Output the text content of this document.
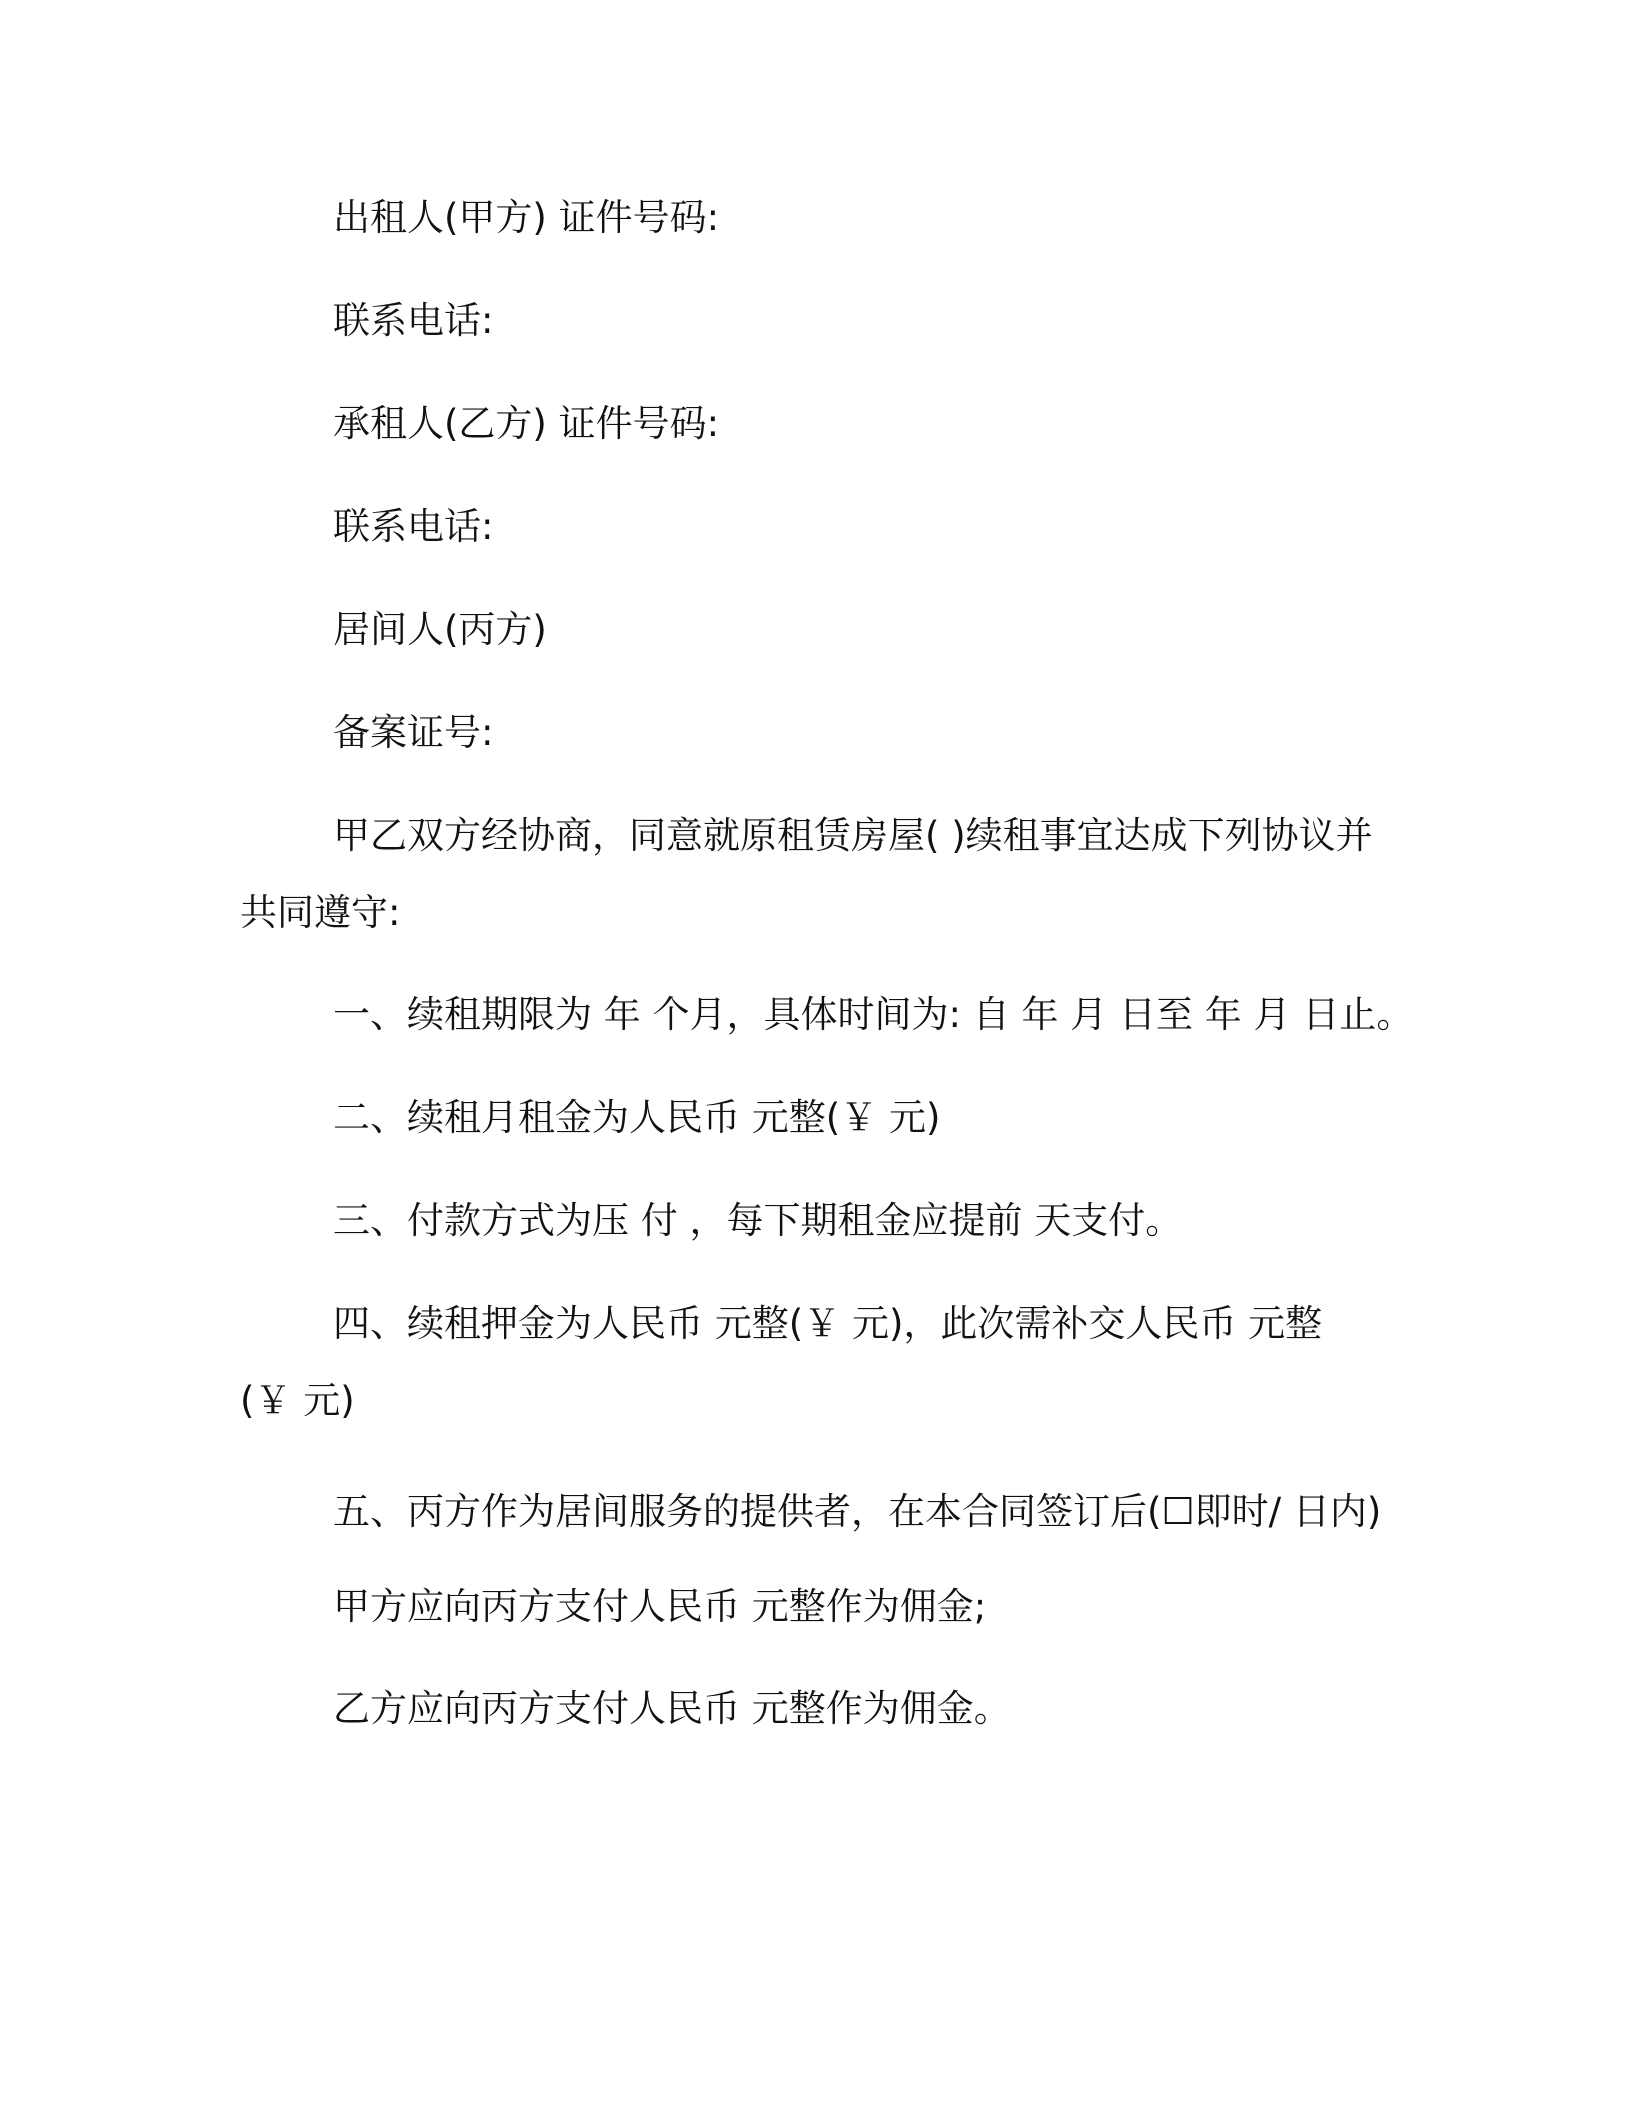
出租人(甲方) 证件号码:
联系电话:
承租人(乙方) 证件号码:
联系电话:
居间人(丙方)
备案证号:
甲乙双方经协商，同意就原租赁房屋( )续租事宜达成下列协议并
共同遵守:
一、续租期限为 年 个月，具体时间为: 自 年 月 日至 年 月 日止。
二、续租月租金为人民币 元整(￥ 元)
三、付款方式为压 付 ，每下期租金应提前 天支付。
四、续租押金为人民币 元整(￥ 元)，此次需补交人民币 元整
(￥ 元)
五、丙方作为居间服务的提供者，在本合同签订后(☐即时/ 日内)
甲方应向丙方支付人民币 元整作为佣金;
乙方应向丙方支付人民币 元整作为佣金。
